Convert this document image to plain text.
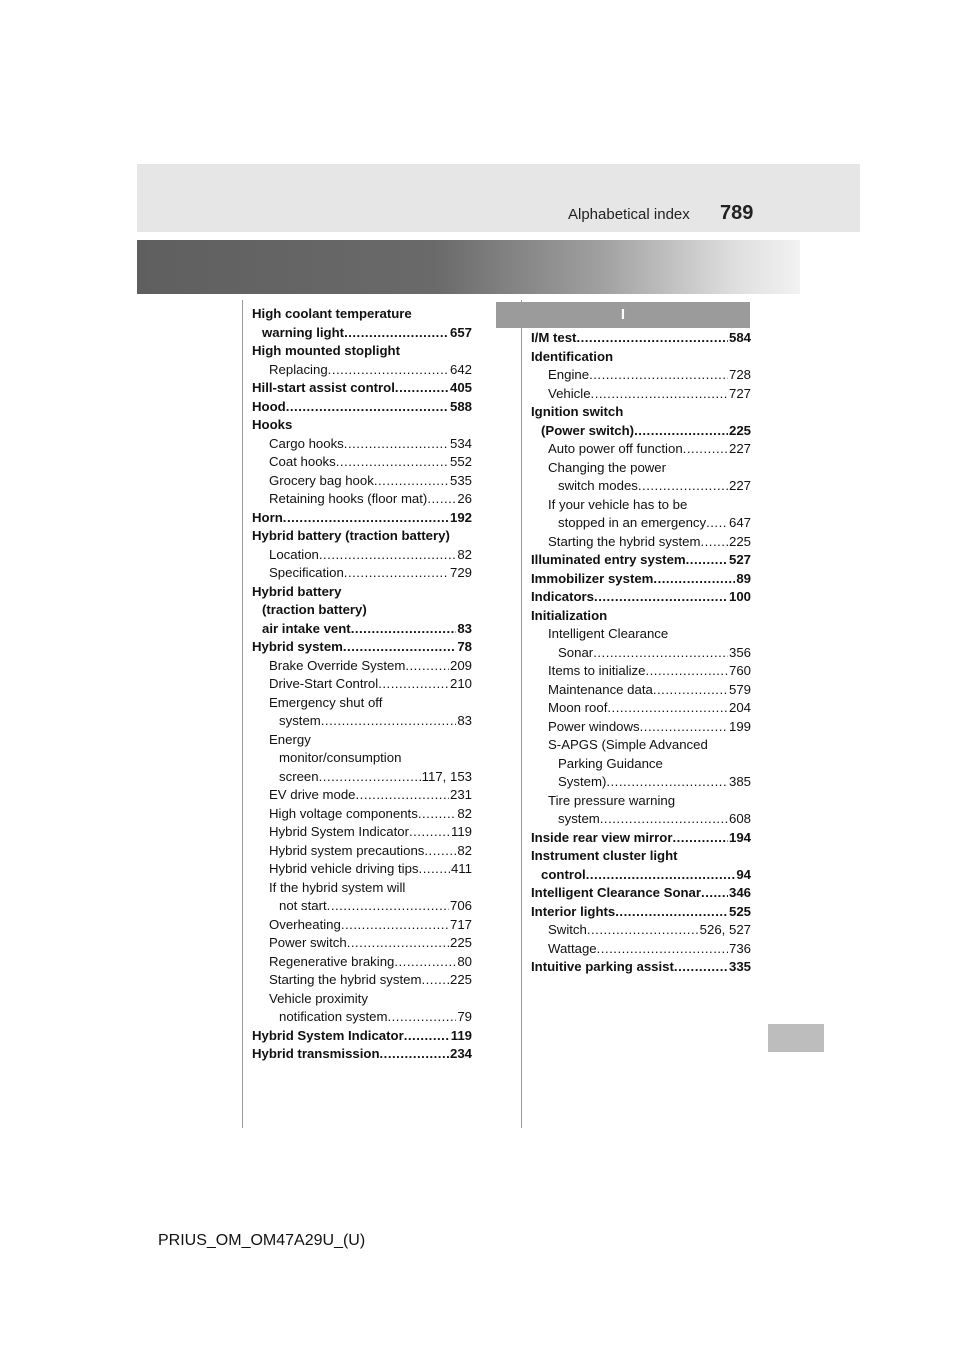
Alphabetical index 789
I
High coolant temperature
warning light .....	657
High mounted stoplight
Replacing .....	642
Hill-start assist control .....	405
Hood .....	588
Hooks
Cargo hooks .....	534
Coat hooks .....	552
Grocery bag hook .....	535
Retaining hooks (floor mat) ..... 26
Horn .....	192
Hybrid battery (traction battery)
Location .....	82
Specification .....	729
Hybrid battery
(traction battery)
air intake vent .....	83
Hybrid system .....	78
Brake Override System .....	209
Drive-Start Control .....	210
Emergency shut off
system .....	83
Energy
monitor/consumption
screen .....	117, 153
EV drive mode .....	231
High voltage components .....	82
Hybrid System Indicator .....	119
Hybrid system precautions ..... 82
Hybrid vehicle driving tips ..... 411
If the hybrid system will
not start .....	706
Overheating .....	717
Power switch .....	225
Regenerative braking .....	80
Starting the hybrid system ..... 225
Vehicle proximity
notification system .....	79
Hybrid System Indicator .....	119
Hybrid transmission .....	234
I/M test .....	584
Identification
Engine .....	728
Vehicle .....	727
Ignition switch
(Power switch) .....	225
Auto power off function .....	227
Changing the power
switch modes .....	227
If your vehicle has to be
stopped in an emergency ..... 647
Starting the hybrid system ..... 225
Illuminated entry system .....	527
Immobilizer system .....	89
Indicators .....	100
Initialization
Intelligent Clearance
Sonar .....	356
Items to initialize .....	760
Maintenance data .....	579
Moon roof .....	204
Power windows .....	199
S-APGS (Simple Advanced
Parking Guidance
System) .....	385
Tire pressure warning
system .....	608
Inside rear view mirror .....	194
Instrument cluster light
control .....	94
Intelligent Clearance Sonar ..... 346
Interior lights .....	525
Switch .....	526, 527
Wattage .....	736
Intuitive parking assist .....	335
PRIUS_OM_OM47A29U_(U)
